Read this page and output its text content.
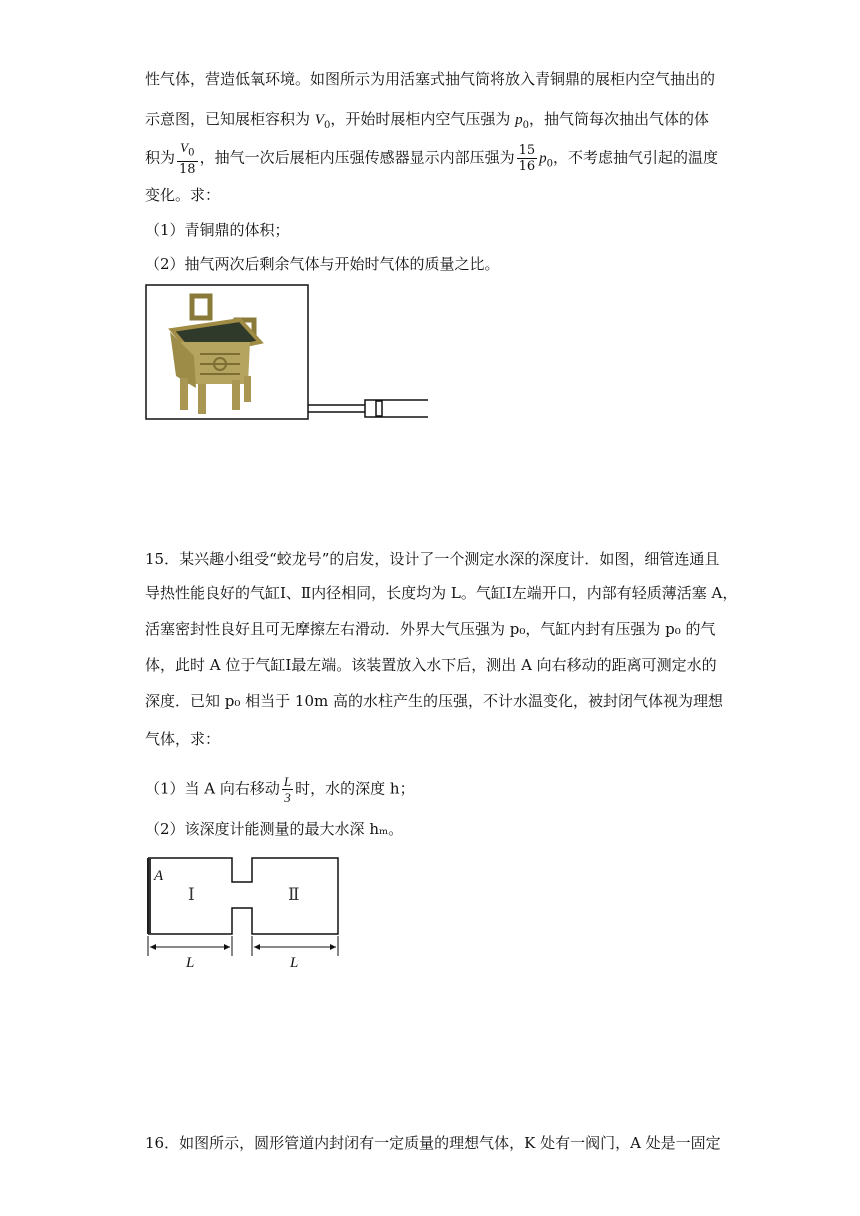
性气体，营造低氧环境。如图所示为用活塞式抽气筒将放入青铜鼎的展柜内空气抽出的
示意图，已知展柜容积为 $V_0$，开始时展柜内空气压强为 $p_0$，抽气筒每次抽出气体的体
积为 $\frac{V_0}{18}$ ，抽气一次后展柜内压强传感器显示内部压强为 $\frac{15}{16} p_0$，不考虑抽气引起的温度
变化。求：
（1）青铜鼎的体积；
（2）抽气两次后剩余气体与开始时气体的质量之比。
15．某兴趣小组受“蛟龙号”的启发，设计了一个测定水深的深度计．如图，细管连通且
导热性能良好的气缸Ⅰ、Ⅱ内径相同，长度均为 L。气缸Ⅰ左端开口，内部有轻质薄活塞 A，
活塞密封性良好且可无摩擦左右滑动．外界大气压强为 p₀，气缸内封有压强为 p₀ 的气
体，此时 A 位于气缸Ⅰ最左端。该装置放入水下后，测出 A 向右移动的距离可测定水的
深度．已知 p₀ 相当于 10m 高的水柱产生的压强，不计水温变化，被封闭气体视为理想
气体，求：
（1）当 A 向右移动 $\frac{L}{3}$ 时，水的深度 h；
（2）该深度计能测量的最大水深 hₘ。
A
Ⅰ	Ⅱ
L	L
16．如图所示，圆形管道内封闭有一定质量的理想气体，K 处有一阀门，A 处是一固定
